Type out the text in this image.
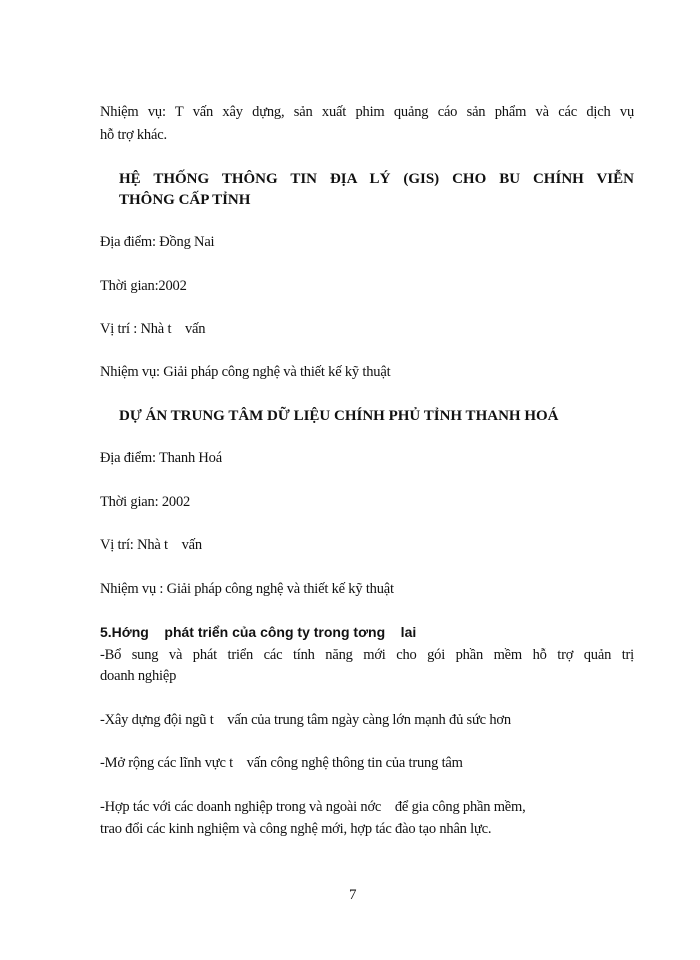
Nhiệm vụ: T vấn xây dựng, sản xuất phim quảng cáo sản phẩm và các dịch vụ
hỗ trợ khác.
HỆ THỐNG THÔNG TIN ĐỊA LÝ (GIS) CHO BU CHÍNH VIỄN
THÔNG CẤP TỈNH
Địa điểm: Đồng Nai
Thời gian:2002
Vị trí : Nhà t    vấn
Nhiệm vụ: Giải pháp công nghệ và thiết kế kỹ thuật
DỰ ÁN TRUNG TÂM DỮ LIỆU CHÍNH PHỦ TỈNH THANH HOÁ
Địa điểm: Thanh Hoá
Thời gian: 2002
Vị trí: Nhà t    vấn
Nhiệm vụ : Giải pháp công nghệ và thiết kế kỹ thuật
5.Hớng    phát triển của công ty trong tơng    lai
-Bổ sung và phát triển các tính năng mới cho gói phần mềm hỗ trợ quản trị
doanh nghiệp
-Xây dựng đội ngũ t    vấn của trung tâm ngày càng lớn mạnh đủ sức hơn
-Mở rộng các lĩnh vực t    vấn công nghệ thông tin của trung tâm
-Hợp tác với các doanh nghiệp trong và ngoài nớc    để gia công phần mềm,
trao đổi các kinh nghiệm và công nghệ mới, hợp tác đào tạo nhân lực.
7
